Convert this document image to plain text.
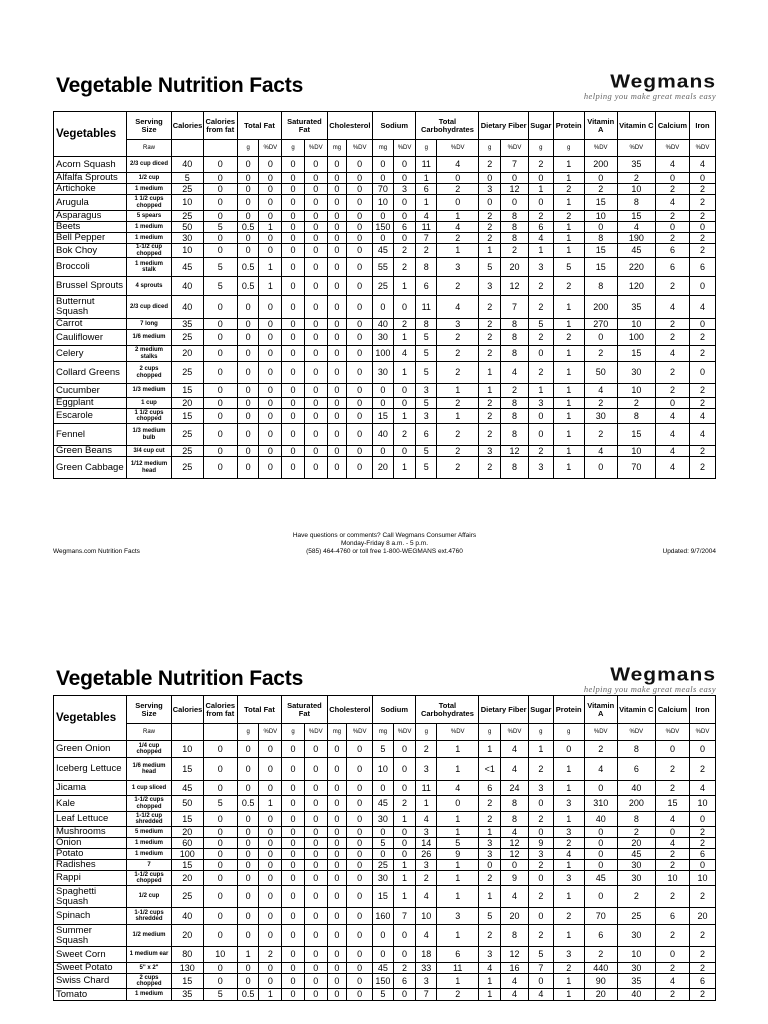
Vegetable Nutrition Facts	Wegmans
helping you make great meals easy
Vegetables	Serving Size	Calories	Calories from fat	Total Fat		Saturated Fat		Cholesterol		Sodium		Total Carbohydrates		Dietary Fiber		Sugar	Protein	Vitamin A	Vitamin C	Calcium	Iron
	Raw			g	%DV	g	%DV	mg	%DV	mg	%DV	g	%DV	g	%DV	g	g	%DV	%DV	%DV	%DV
Acorn Squash	2/3 cup diced	40	0	0	0	0	0	0	0	0	0	11	4	2	7	2	1	200	35	4	4
Alfalfa Sprouts	1/2 cup	5	0	0	0	0	0	0	0	0	0	1	0	0	0	0	1	0	2	0	0
Artichoke	1 medium	25	0	0	0	0	0	0	0	70	3	6	2	3	12	1	2	2	10	2	2
Arugula	1 1/2 cups chopped	10	0	0	0	0	0	0	0	10	0	1	0	0	0	0	1	15	8	4	2
Asparagus	5 spears	25	0	0	0	0	0	0	0	0	0	4	1	2	8	2	2	10	15	2	2
Beets	1 medium	50	5	0.5	1	0	0	0	0	150	6	11	4	2	8	6	1	0	4	0	0
Bell Pepper	1 medium	30	0	0	0	0	0	0	0	0	0	7	2	2	8	4	1	8	190	2	2
Bok Choy	1-1/2 cup chopped	10	0	0	0	0	0	0	0	45	2	2	1	1	2	1	1	15	45	6	2
Broccoli	1 medium stalk	45	5	0.5	1	0	0	0	0	55	2	8	3	5	20	3	5	15	220	6	6
Brussel Sprouts	4 sprouts	40	5	0.5	1	0	0	0	0	25	1	6	2	3	12	2	2	8	120	2	0
Butternut Squash	2/3 cup diced	40	0	0	0	0	0	0	0	0	0	11	4	2	7	2	1	200	35	4	4
Carrot	7 long	35	0	0	0	0	0	0	0	40	2	8	3	2	8	5	1	270	10	2	0
Cauliflower	1/6 medium	25	0	0	0	0	0	0	0	30	1	5	2	2	8	2	2	0	100	2	2
Celery	2 medium stalks	20	0	0	0	0	0	0	0	100	4	5	2	2	8	0	1	2	15	4	2
Collard Greens	2 cups chopped	25	0	0	0	0	0	0	0	30	1	5	2	1	4	2	1	50	30	2	0
Cucumber	1/3 medium	15	0	0	0	0	0	0	0	0	0	3	1	1	2	1	1	4	10	2	2
Eggplant	1 cup	20	0	0	0	0	0	0	0	0	0	5	2	2	8	3	1	2	2	0	2
Escarole	1 1/2 cups chopped	15	0	0	0	0	0	0	0	15	1	3	1	2	8	0	1	30	8	4	4
Fennel	1/3 medium bulb	25	0	0	0	0	0	0	0	40	2	6	2	2	8	0	1	2	15	4	4
Green Beans	3/4 cup cut	25	0	0	0	0	0	0	0	0	0	5	2	3	12	2	1	4	10	4	2
Green Cabbage	1/12 medium head	25	0	0	0	0	0	0	0	20	1	5	2	2	8	3	1	0	70	4	2
Have questions or comments? Call Wegmans Consumer Affairs
Monday-Friday 8 a.m. - 5 p.m.
(585) 464-4760 or toll free 1-800-WEGMANS ext.4760
Wegmans.com Nutrition Facts	Updated: 9/7/2004
Vegetable Nutrition Facts	Wegmans
helping you make great meals easy
Vegetables	Serving Size	Calories	Calories from fat	Total Fat		Saturated Fat		Cholesterol		Sodium		Total Carbohydrates		Dietary Fiber		Sugar	Protein	Vitamin A	Vitamin C	Calcium	Iron
	Raw			g	%DV	g	%DV	mg	%DV	mg	%DV	g	%DV	g	%DV	g	g	%DV	%DV	%DV	%DV
Green Onion	1/4 cup chopped	10	0	0	0	0	0	0	0	5	0	2	1	1	4	1	0	2	8	0	0
Iceberg Lettuce	1/6 medium head	15	0	0	0	0	0	0	0	10	0	3	1	<1	4	2	1	4	6	2	2
Jicama	1 cup sliced	45	0	0	0	0	0	0	0	0	0	11	4	6	24	3	1	0	40	2	4
Kale	1-1/2 cups chopped	50	5	0.5	1	0	0	0	0	45	2	1	0	2	8	0	3	310	200	15	10
Leaf Lettuce	1-1/2 cup shredded	15	0	0	0	0	0	0	0	30	1	4	1	2	8	2	1	40	8	4	0
Mushrooms	5 medium	20	0	0	0	0	0	0	0	0	0	3	1	1	4	0	3	0	2	0	2
Onion	1 medium	60	0	0	0	0	0	0	0	5	0	14	5	3	12	9	2	0	20	4	2
Potato	1 medium	100	0	0	0	0	0	0	0	0	0	26	9	3	12	3	4	0	45	2	6
Radishes	7	15	0	0	0	0	0	0	0	25	1	3	1	0	0	2	1	0	30	2	0
Rappi	1-1/2 cups chopped	20	0	0	0	0	0	0	0	30	1	2	1	2	9	0	3	45	30	10	10
Spaghetti Squash	1/2 cup	25	0	0	0	0	0	0	0	15	1	4	1	1	4	2	1	0	2	2	2
Spinach	1-1/2 cups shredded	40	0	0	0	0	0	0	0	160	7	10	3	5	20	0	2	70	25	6	20
Summer Squash	1/2 medium	20	0	0	0	0	0	0	0	0	0	4	1	2	8	2	1	6	30	2	2
Sweet Corn	1 medium ear	80	10	1	2	0	0	0	0	0	0	18	6	3	12	5	3	2	10	0	2
Sweet Potato	5" x 2"	130	0	0	0	0	0	0	0	45	2	33	11	4	16	7	2	440	30	2	2
Swiss Chard	2 cups chopped	15	0	0	0	0	0	0	0	150	6	3	1	1	4	0	1	90	35	4	6
Tomato	1 medium	35	5	0.5	1	0	0	0	0	5	0	7	2	1	4	4	1	20	40	2	2
